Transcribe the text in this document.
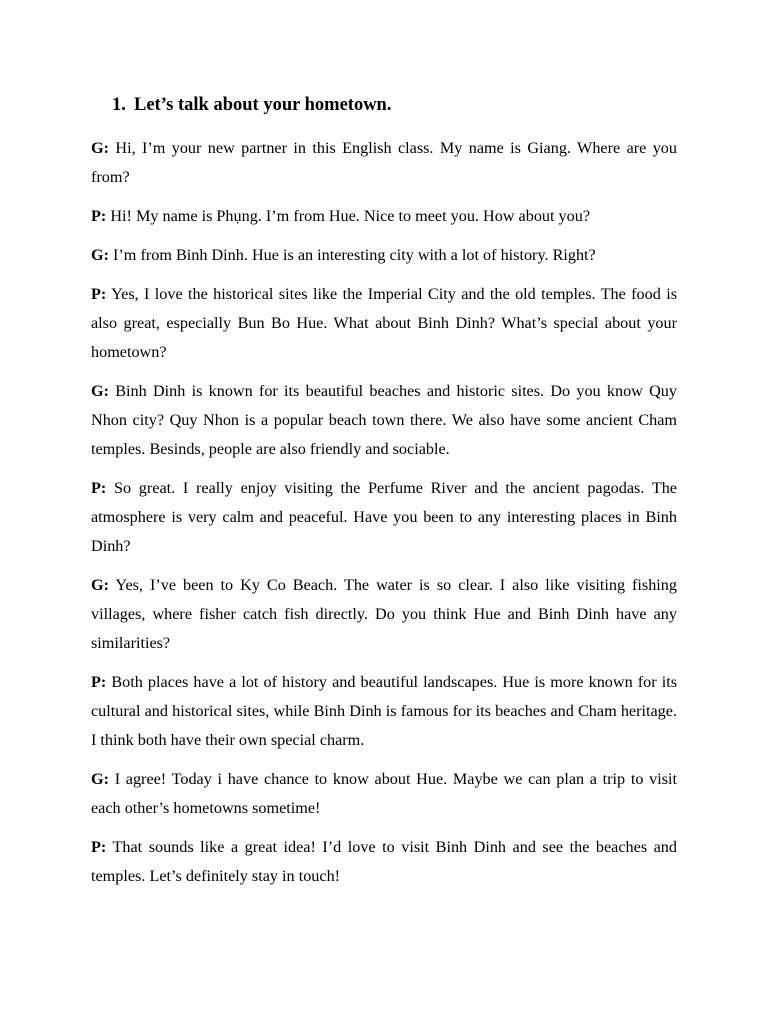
1. Let’s talk about your hometown.

G: Hi, I’m your new partner in this English class. My name is Giang. Where are you from?

P: Hi! My name is Phụng. I’m from Hue. Nice to meet you. How about you?

G: I’m from Binh Dinh. Hue is an interesting city with a lot of history. Right?

P: Yes, I love the historical sites like the Imperial City and the old temples. The food is also great, especially Bun Bo Hue. What about Binh Dinh? What’s special about your hometown?

G: Binh Dinh is known for its beautiful beaches and historic sites. Do you know Quy Nhon city? Quy Nhon is a popular beach town there. We also have some ancient Cham temples. Besinds, people are also friendly and sociable.

P: So great. I really enjoy visiting the Perfume River and the ancient pagodas. The atmosphere is very calm and peaceful. Have you been to any interesting places in Binh Dinh?

G: Yes, I’ve been to Ky Co Beach. The water is so clear. I also like visiting fishing villages, where fisher catch fish directly. Do you think Hue and Binh Dinh have any similarities?

P: Both places have a lot of history and beautiful landscapes. Hue is more known for its cultural and historical sites, while Binh Dinh is famous for its beaches and Cham heritage. I think both have their own special charm.

G: I agree! Today i have chance to know about Hue. Maybe we can plan a trip to visit each other’s hometowns sometime!

P: That sounds like a great idea! I’d love to visit Binh Dinh and see the beaches and temples. Let’s definitely stay in touch!
